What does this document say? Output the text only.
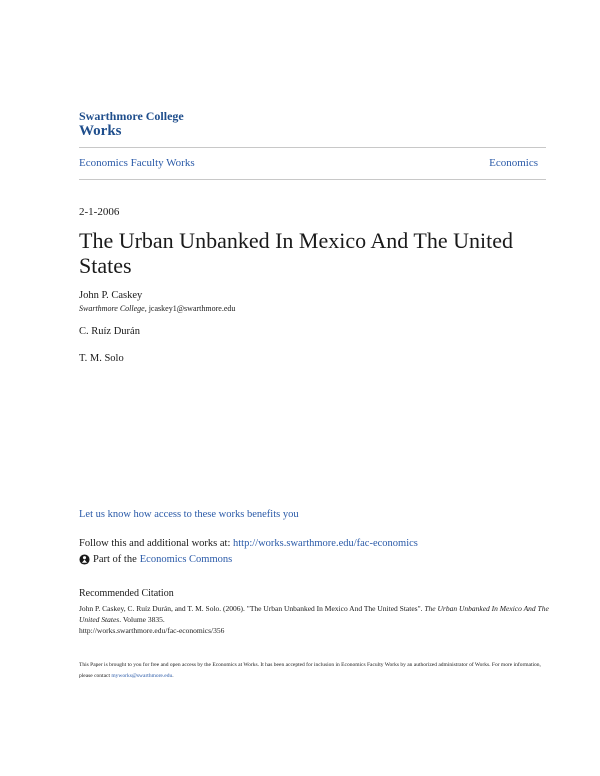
Swarthmore College
Works
Economics Faculty Works	Economics
2-1-2006
The Urban Unbanked In Mexico And The United States
John P. Caskey
Swarthmore College, jcaskey1@swarthmore.edu
C. Ruíz Durán
T. M. Solo
Let us know how access to these works benefits you
Follow this and additional works at: http://works.swarthmore.edu/fac-economics
Part of the Economics Commons
Recommended Citation
John P. Caskey, C. Ruíz Durán, and T. M. Solo. (2006). "The Urban Unbanked In Mexico And The United States". The Urban Unbanked In Mexico And The United States. Volume 3835.
http://works.swarthmore.edu/fac-economics/356
This Paper is brought to you for free and open access by the Economics at Works. It has been accepted for inclusion in Economics Faculty Works by an authorized administrator of Works. For more information, please contact myworks@swarthmore.edu.
